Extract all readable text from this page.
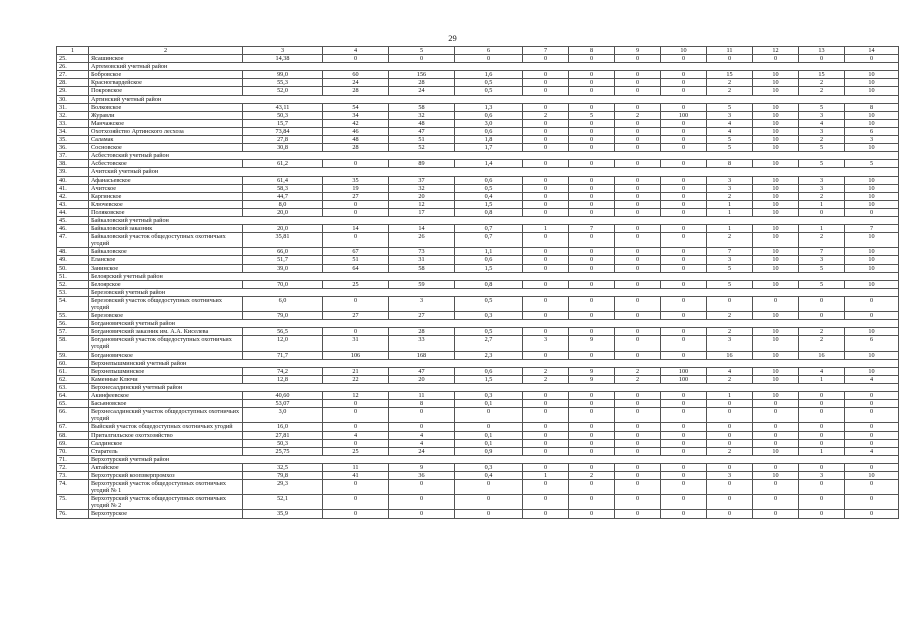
29
1	2	3	4	5	6	7	8	9	10	11	12	13	14
25.	Ясашинское	14,38	0	0	0	0	0	0	0	0	0	0	0
26.	Артемовский учетный район												
27.	Бобровское	99,0	60	156	1,6	0	0	0	0	15	10	15	10
28.	Красногвардейское	55,3	24	28	0,5	0	0	0	0	2	10	2	10
29.	Покровское	52,0	28	24	0,5	0	0	0	0	2	10	2	10
30.	Артинский учетный район												
31.	Волковское	43,11	54	58	1,3	0	0	0	0	5	10	5	8
32.	Журавли	50,3	34	32	0,6	2	5	2	100	3	10	3	10
33.	Манчажское	15,7	42	48	3,0	0	0	0	0	4	10	4	10
34.	Охотхозяйство Артинского лесхоза	73,84	46	47	0,6	0	0	0	0	4	10	3	6
35.	Саламак	27,8	48	51	1,8	0	0	0	0	5	10	2	3
36.	Сосновское	30,8	28	52	1,7	0	0	0	0	5	10	5	10
37.	Асбестовский учетный район												
38.	Асбестовское	61,2	0	89	1,4	0	0	0	0	8	10	5	5
39.	Ачитский учетный район												
40.	Афанасьевское	61,4	35	37	0,6	0	0	0	0	3	10	3	10
41.	Ачитское	58,3	19	32	0,5	0	0	0	0	3	10	3	10
42.	Каргинское	44,7	27	20	0,4	0	0	0	0	2	10	2	10
43.	Ключевское	8,0	0	12	1,5	0	0	0	0	1	10	1	10
44.	Поляковское	20,0	0	17	0,8	0	0	0	0	1	10	0	0
45.	Байкаловский учетный район												
46.	Байкаловский заказник	20,0	14	14	0,7	1	7	0	0	1	10	1	7
47.	Байкаловский участок общедоступных охотничьих угодий	35,81	0	26	0,7	0	0	0	0	2	10	2	10
48.	Байкаловское	66,0	67	73	1,1	0	0	0	0	7	10	7	10
49.	Еланское	51,7	51	31	0,6	0	0	0	0	3	10	3	10
50.	Занинское	39,0	64	58	1,5	0	0	0	0	5	10	5	10
51.	Белоярский учетный район												
52.	Белоярское	70,0	25	59	0,8	0	0	0	0	5	10	5	10
53.	Березовский учетный район												
54.	Березовский участок общедоступных охотничьих угодий	6,0	0	3	0,5	0	0	0	0	0	0	0	0
55.	Березовское	79,0	27	27	0,3	0	0	0	0	2	10	0	0
56.	Богдановичский учетный район												
57.	Богдановичский заказник им. А.А. Киселева	56,5	0	28	0,5	0	0	0	0	2	10	2	10
58.	Богдановичский участок общедоступных охотничьих угодий	12,0	31	33	2,7	3	9	0	0	3	10	2	6
59.	Богдановичское	71,7	106	168	2,3	0	0	0	0	16	10	16	10
60.	Верхнепышминский учетный район												
61.	Верхнепышминское	74,2	21	47	0,6	2	9	2	100	4	10	4	10
62.	Каменные Ключи	12,8	22	20	1,5	2	9	2	100	2	10	1	4
63.	Верхнесалдинский учетный район												
64.	Акинфеевское	40,60	12	11	0,3	0	0	0	0	1	10	0	0
65.	Басьяновское	53,07	0	8	0,1	0	0	0	0	0	0	0	0
66.	Верхнесалдинский участок общедоступных охотничьих угодий	3,0	0	0	0	0	0	0	0	0	0	0	0
67.	Выйский участок общедоступных охотничьих угодий	16,0	0	0	0	0	0	0	0	0	0	0	0
68.	Приталгильское охотхозяйство	27,81	4	4	0,1	0	0	0	0	0	0	0	0
69.	Салдинское	50,3	0	4	0,1	0	0	0	0	0	0	0	0
70.	Старатель	25,75	25	24	0,9	0	0	0	0	2	10	1	4
71.	Верхотурский учетный район												
72.	Актайское	32,5	11	9	0,3	0	0	0	0	0	0	0	0
73.	Верхотурский коопзверпромхоз	79,8	41	36	0,4	1	2	0	0	3	10	3	10
74.	Верхотурский участок общедоступных охотничьих угодий № 1	29,3	0	0	0	0	0	0	0	0	0	0	0
75.	Верхотурский участок общедоступных охотничьих угодий № 2	52,1	0	0	0	0	0	0	0	0	0	0	0
76.	Верхотурское	35,9	0	0	0	0	0	0	0	0	0	0	0
